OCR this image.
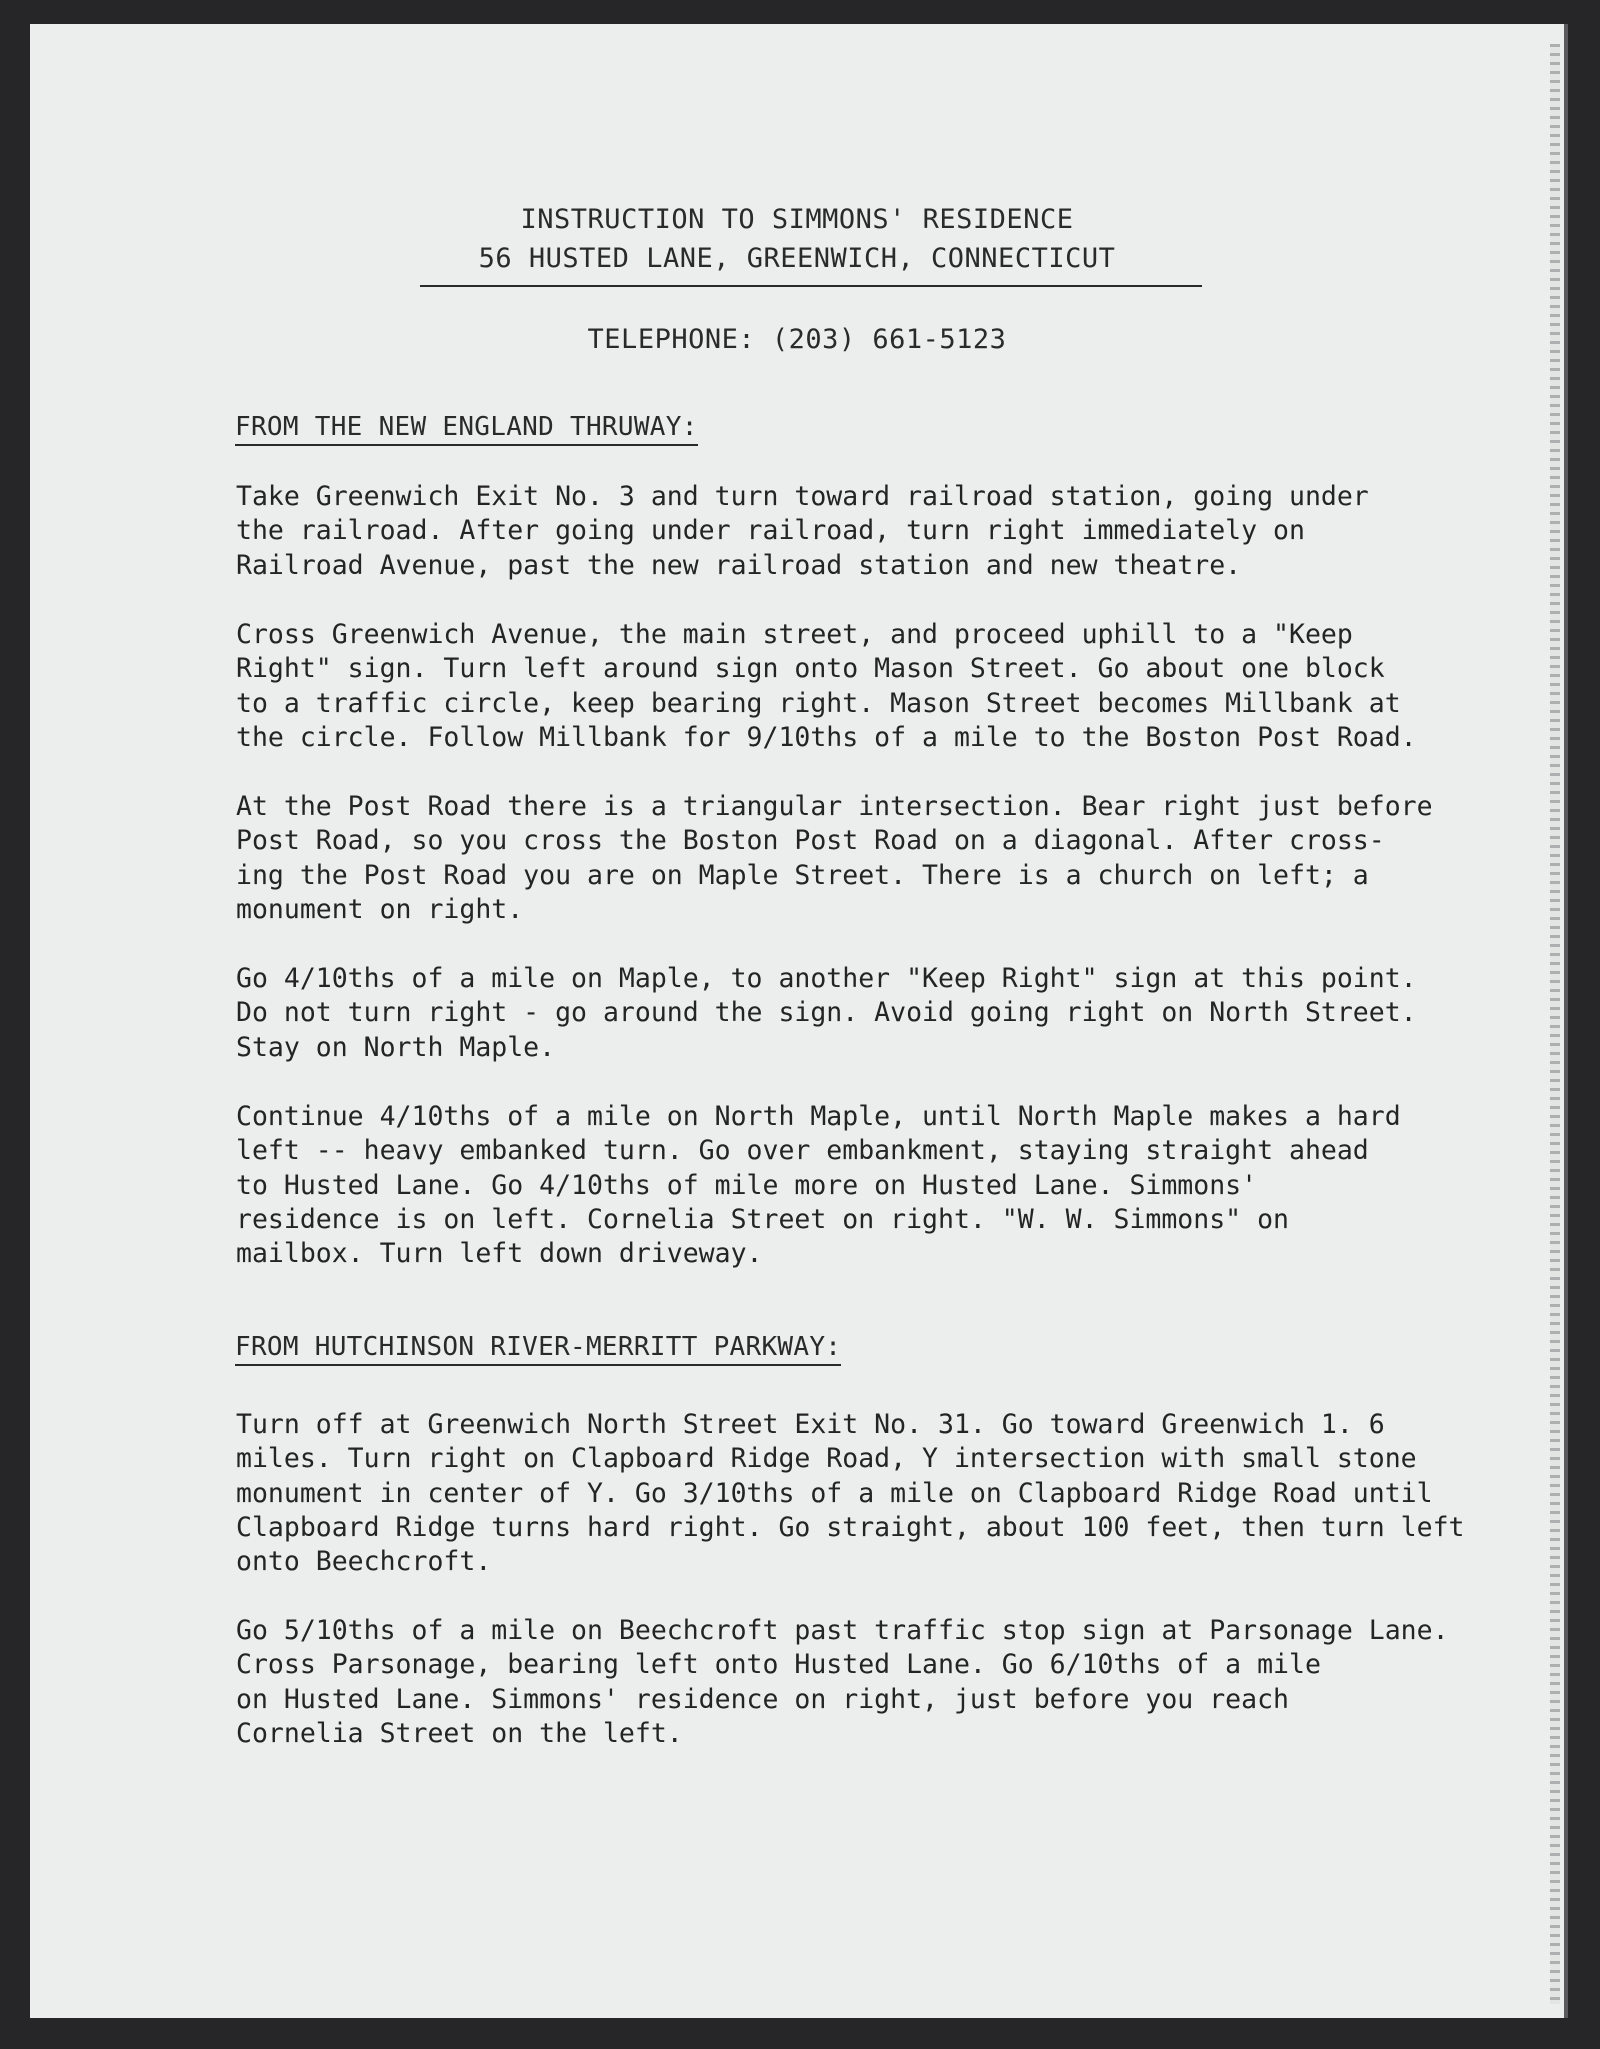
INSTRUCTION TO SIMMONS' RESIDENCE
56 HUSTED LANE, GREENWICH, CONNECTICUT
TELEPHONE: (203) 661-5123
FROM THE NEW ENGLAND THRUWAY:
Take Greenwich Exit No. 3 and turn toward railroad station, going under
the railroad. After going under railroad, turn right immediately on
Railroad Avenue, past the new railroad station and new theatre.
Cross Greenwich Avenue, the main street, and proceed uphill to a "Keep
Right" sign. Turn left around sign onto Mason Street. Go about one block
to a traffic circle, keep bearing right. Mason Street becomes Millbank at
the circle. Follow Millbank for 9/10ths of a mile to the Boston Post Road.
At the Post Road there is a triangular intersection. Bear right just before
Post Road, so you cross the Boston Post Road on a diagonal. After cross-
ing the Post Road you are on Maple Street. There is a church on left; a
monument on right.
Go 4/10ths of a mile on Maple, to another "Keep Right" sign at this point.
Do not turn right - go around the sign. Avoid going right on North Street.
Stay on North Maple.
Continue 4/10ths of a mile on North Maple, until North Maple makes a hard
left -- heavy embanked turn. Go over embankment, staying straight ahead
to Husted Lane. Go 4/10ths of mile more on Husted Lane. Simmons'
residence is on left. Cornelia Street on right. "W. W. Simmons" on
mailbox. Turn left down driveway.
FROM HUTCHINSON RIVER-MERRITT PARKWAY:
Turn off at Greenwich North Street Exit No. 31. Go toward Greenwich 1. 6
miles. Turn right on Clapboard Ridge Road, Y intersection with small stone
monument in center of Y. Go 3/10ths of a mile on Clapboard Ridge Road until
Clapboard Ridge turns hard right. Go straight, about 100 feet, then turn left
onto Beechcroft.
Go 5/10ths of a mile on Beechcroft past traffic stop sign at Parsonage Lane.
Cross Parsonage, bearing left onto Husted Lane. Go 6/10ths of a mile
on Husted Lane. Simmons' residence on right, just before you reach
Cornelia Street on the left.
